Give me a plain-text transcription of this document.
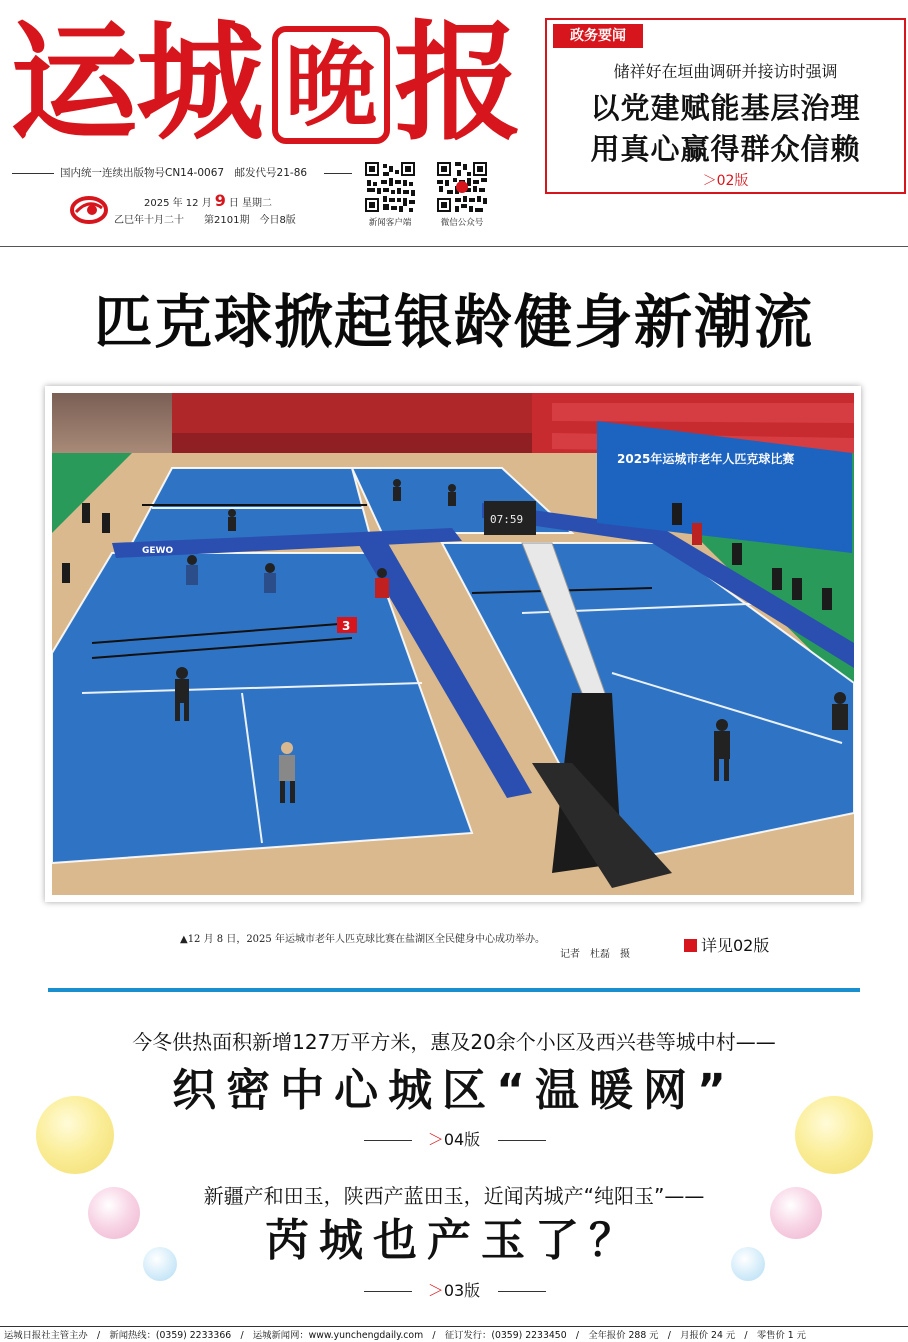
运
城 晚 报
国内统一连续出版物号CN14-0067　邮发代号21-86
2025 年 12 月 9 日 星期二
乙巳年十月二十　　第2101期　今日8版	新闻客户端	微信公众号
政务要闻
储祥好在垣曲调研并接访时强调
以党建赋能基层治理
用真心赢得群众信赖
＞02版
匹克球掀起银龄健身新潮流
2025年运城市老年人匹克球比赛
07:59
3
GEWO
▲12 月 8 日，2025 年运城市老年人匹克球比赛在盐湖区全民健身中心成功举办。
记者　杜磊　摄	详见02版
今冬供热面积新增127万平方米，惠及20余个小区及西兴巷等城中村——
织密中心城区“温暖网”
＞04版
新疆产和田玉，陕西产蓝田玉，近闻芮城产“纯阳玉”——
芮城也产玉了？
＞03版
运城日报社主管主办　/　新闻热线：(0359) 2233366　/　运城新闻网：www.yunchengdaily.com　/　征订发行：(0359) 2233450　/　全年报价 288 元　/　月报价 24 元　/　零售价 1 元
